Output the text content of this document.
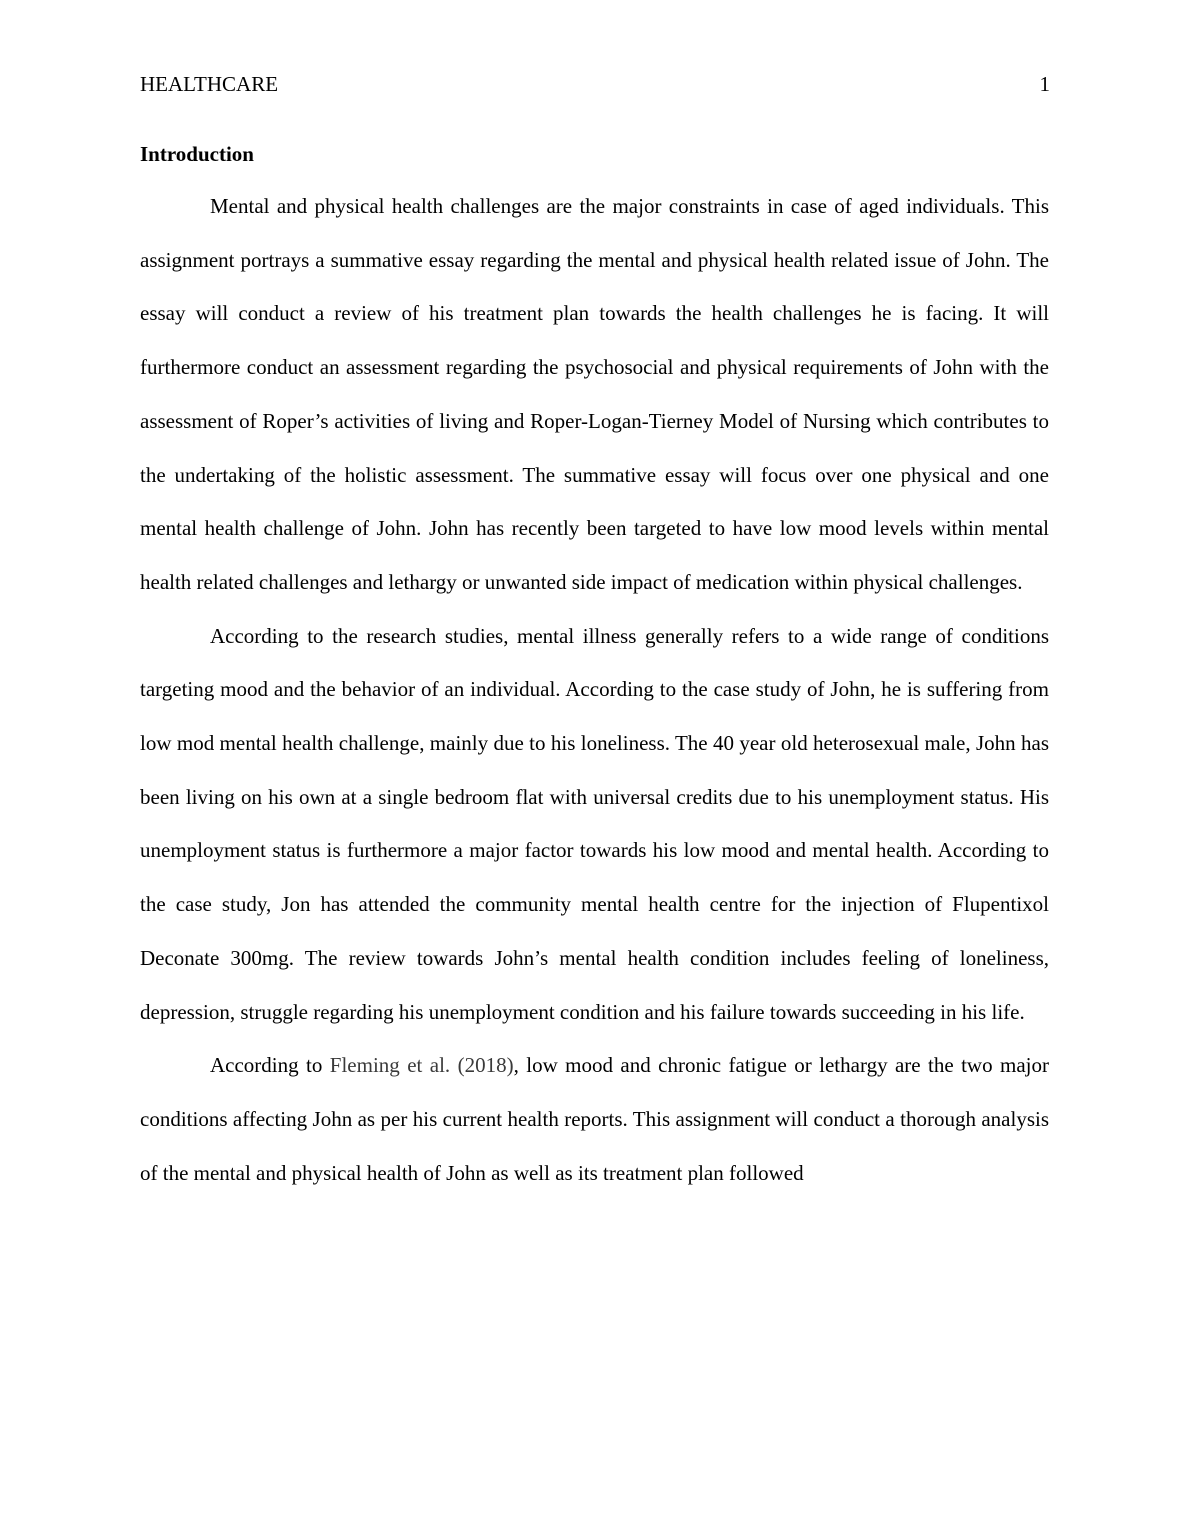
HEALTHCARE	1
Introduction

Mental and physical health challenges are the major constraints in case of aged individuals. This assignment portrays a summative essay regarding the mental and physical health related issue of John. The essay will conduct a review of his treatment plan towards the health challenges he is facing. It will furthermore conduct an assessment regarding the psychosocial and physical requirements of John with the assessment of Roper’s activities of living and Roper-Logan-Tierney Model of Nursing which contributes to the undertaking of the holistic assessment. The summative essay will focus over one physical and one mental health challenge of John. John has recently been targeted to have low mood levels within mental health related challenges and lethargy or unwanted side impact of medication within physical challenges.

According to the research studies, mental illness generally refers to a wide range of conditions targeting mood and the behavior of an individual. According to the case study of John, he is suffering from low mod mental health challenge, mainly due to his loneliness. The 40 year old heterosexual male, John has been living on his own at a single bedroom flat with universal credits due to his unemployment status. His unemployment status is furthermore a major factor towards his low mood and mental health. According to the case study, Jon has attended the community mental health centre for the injection of Flupentixol Deconate 300mg. The review towards John’s mental health condition includes feeling of loneliness, depression, struggle regarding his unemployment condition and his failure towards succeeding in his life.

According to Fleming et al. (2018), low mood and chronic fatigue or lethargy are the two major conditions affecting John as per his current health reports. This assignment will conduct a thorough analysis of the mental and physical health of John as well as its treatment plan followed
